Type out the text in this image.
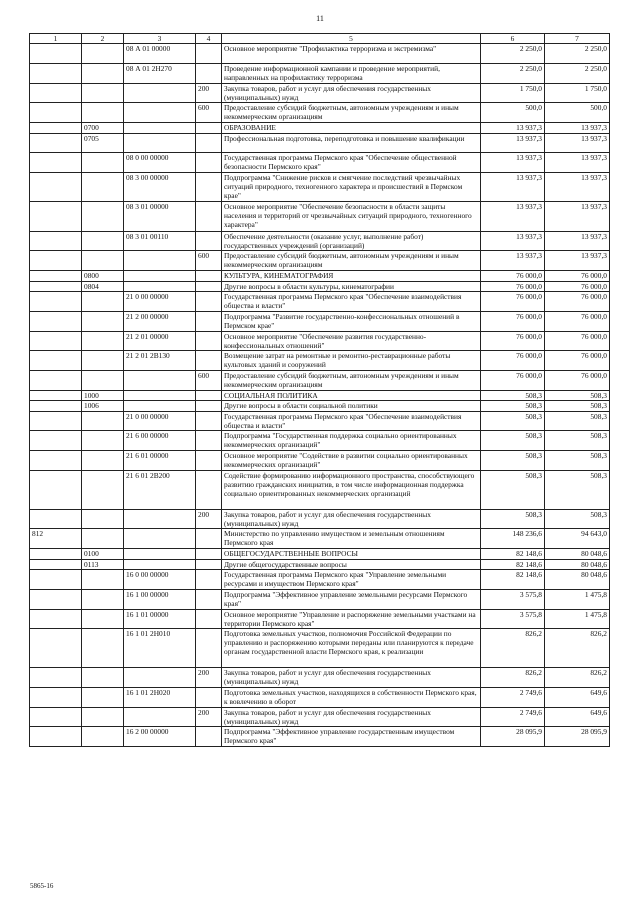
11
1	2	3	4	5	6	7
		08 А 01 00000		Основное мероприятие "Профилактика терроризма и экстремизма"	2 250,0	2 250,0
		08 А 01 2Н270		Проведение информационной кампании и проведение мероприятий, направленных на профилактику терроризма	2 250,0	2 250,0
			200	Закупка товаров, работ и услуг для обеспечения государственных (муниципальных) нужд	1 750,0	1 750,0
			600	Предоставление субсидий бюджетным, автономным учреждениям и иным некоммерческим организациям	500,0	500,0
	0700			ОБРАЗОВАНИЕ	13 937,3	13 937,3
	0705			Профессиональная подготовка, переподготовка и повышение квалификации	13 937,3	13 937,3
		08 0 00 00000		Государственная программа Пермского края "Обеспечение общественной безопасности Пермского края"	13 937,3	13 937,3
		08 3 00 00000		Подпрограмма "Снижение рисков и смягчение последствий чрезвычайных ситуаций природного, техногенного характера и происшествий в Пермском крае"	13 937,3	13 937,3
		08 3 01 00000		Основное мероприятие "Обеспечение безопасности в области защиты населения и территорий от чрезвычайных ситуаций природного, техногенного характера"	13 937,3	13 937,3
		08 3 01 00110		Обеспечение деятельности (оказание услуг, выполнение работ) государственных учреждений (организаций)	13 937,3	13 937,3
			600	Предоставление субсидий бюджетным, автономным учреждениям и иным некоммерческим организациям	13 937,3	13 937,3
	0800			КУЛЬТУРА, КИНЕМАТОГРАФИЯ	76 000,0	76 000,0
	0804			Другие вопросы в области культуры, кинематографии	76 000,0	76 000,0
		21 0 00 00000		Государственная программа Пермского края "Обеспечение взаимодействия общества и власти"	76 000,0	76 000,0
		21 2 00 00000		Подпрограмма "Развитие государственно-конфессиональных отношений в Пермском крае"	76 000,0	76 000,0
		21 2 01 00000		Основное мероприятие "Обеспечение развития государственно-конфессиональных отношений"	76 000,0	76 000,0
		21 2 01 2В130		Возмещение затрат на ремонтные и ремонтно-реставрационные работы культовых зданий и сооружений	76 000,0	76 000,0
			600	Предоставление субсидий бюджетным, автономным учреждениям и иным некоммерческим организациям	76 000,0	76 000,0
	1000			СОЦИАЛЬНАЯ ПОЛИТИКА	508,3	508,3
	1006			Другие вопросы в области социальной политики	508,3	508,3
		21 0 00 00000		Государственная программа Пермского края "Обеспечение взаимодействия общества и власти"	508,3	508,3
		21 6 00 00000		Подпрограмма "Государственная поддержка социально ориентированных некоммерческих организаций"	508,3	508,3
		21 6 01 00000		Основное мероприятие "Содействие в развитии социально ориентированных некоммерческих организаций"	508,3	508,3
		21 6 01 2В200		Содействие формированию информационного пространства, способствующего развитию гражданских инициатив, в том числе информационная поддержка социально ориентированных некоммерческих организаций	508,3	508,3
			200	Закупка товаров, работ и услуг для обеспечения государственных (муниципальных) нужд	508,3	508,3
812				Министерство по управлению имуществом и земельным отношениям Пермского края	148 236,6	94 643,0
	0100			ОБЩЕГОСУДАРСТВЕННЫЕ ВОПРОСЫ	82 148,6	80 048,6
	0113			Другие общегосударственные вопросы	82 148,6	80 048,6
		16 0 00 00000		Государственная программа Пермского края "Управление земельными ресурсами и имуществом Пермского края"	82 148,6	80 048,6
		16 1 00 00000		Подпрограмма "Эффективное управление земельными ресурсами Пермского края"	3 575,8	1 475,8
		16 1 01 00000		Основное мероприятие "Управление и распоряжение земельными участками на территории Пермского края"	3 575,8	1 475,8
		16 1 01 2Н010		Подготовка земельных участков, полномочия Российской Федерации по управлению и распоряжению которыми переданы или планируются к передаче органам государственной власти Пермского края, к реализации	826,2	826,2
			200	Закупка товаров, работ и услуг для обеспечения государственных (муниципальных) нужд	826,2	826,2
		16 1 01 2Н020		Подготовка земельных участков, находящихся в собственности Пермского края, к вовлечению в оборот	2 749,6	649,6
			200	Закупка товаров, работ и услуг для обеспечения государственных (муниципальных) нужд	2 749,6	649,6
		16 2 00 00000		Подпрограмма "Эффективное управление государственным имуществом Пермского края"	28 095,9	28 095,9
5865-16
